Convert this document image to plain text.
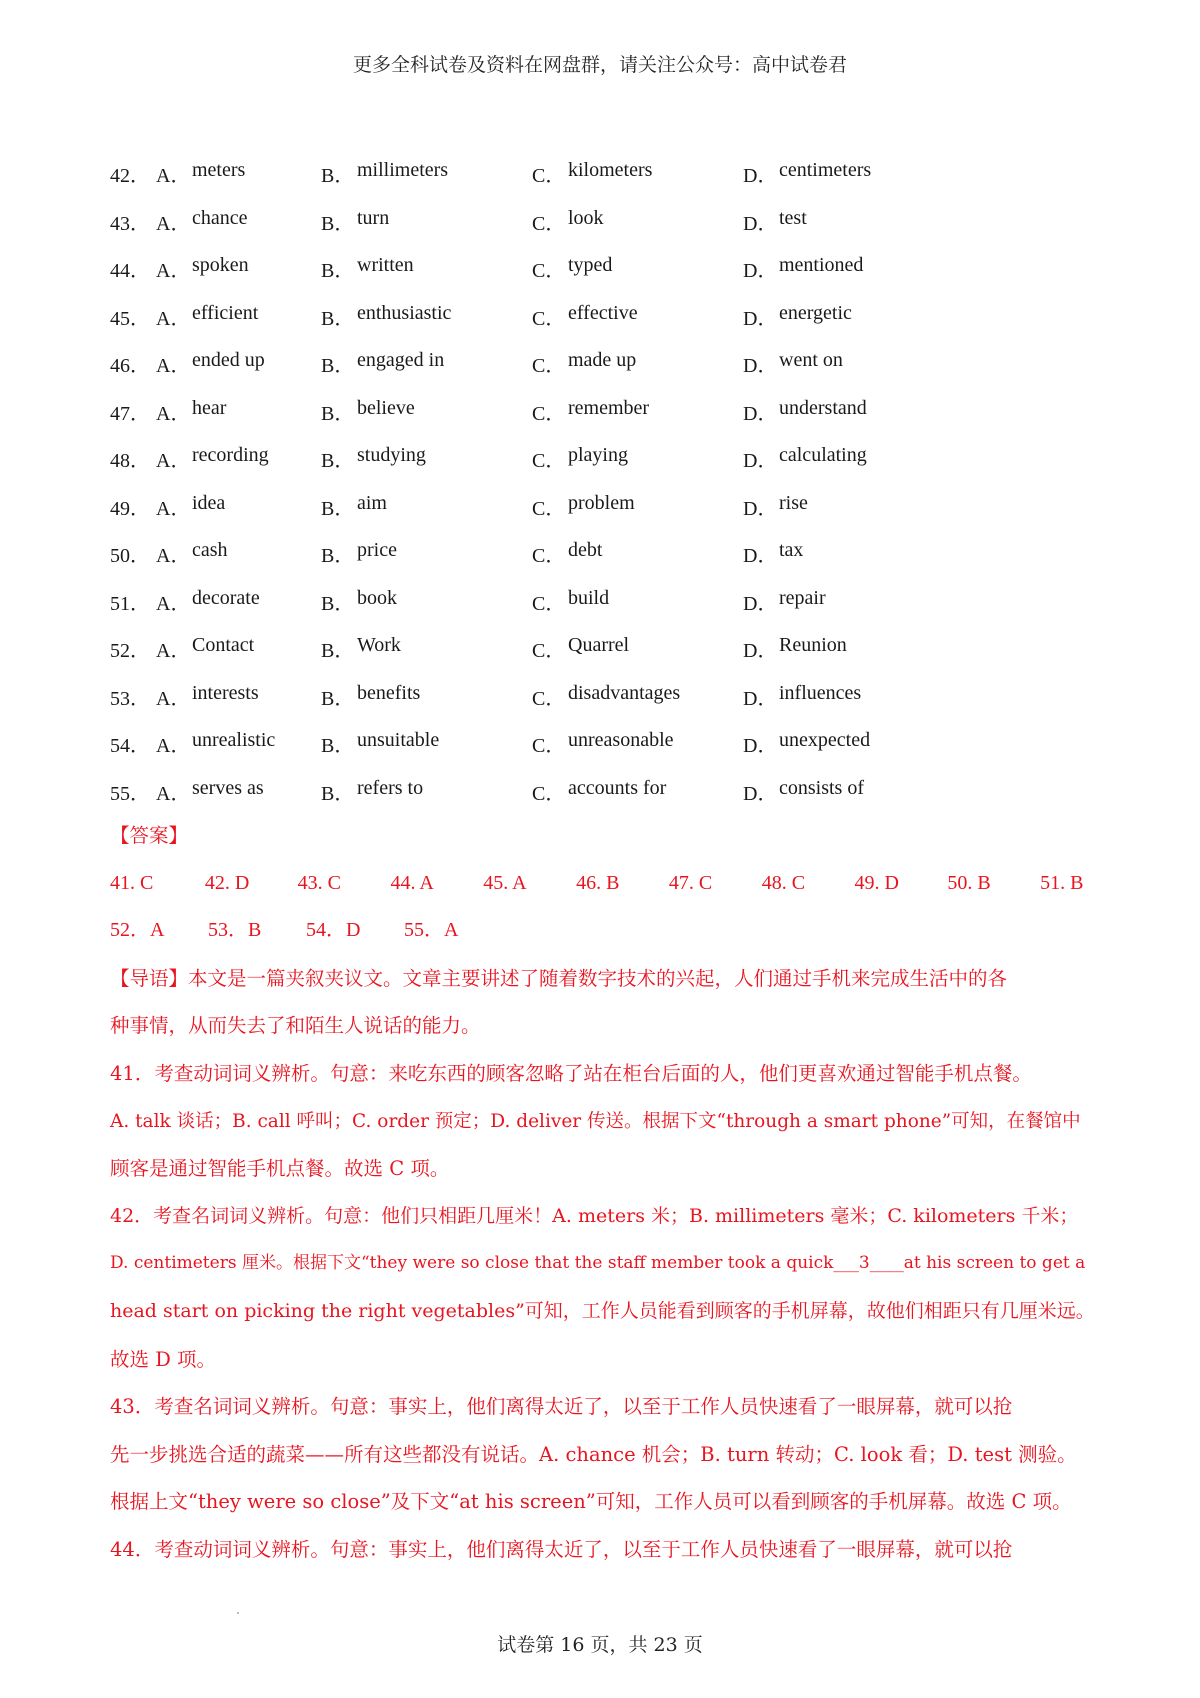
更多全科试卷及资料在网盘群，请关注公众号：高中试卷君
42． A． meters	B． millimeters	C． kilometers	D． centimeters
43． A． chance	B． turn	C． look	D． test
44． A． spoken	B． written	C． typed	D． mentioned
45． A． efficient	B． enthusiastic	C． effective	D． energetic
46． A． ended up	B． engaged in	C． made up	D． went on
47． A． hear	B． believe	C． remember	D． understand
48． A． recording	B． studying	C． playing	D． calculating
49． A． idea	B． aim	C． problem	D． rise
50． A． cash	B． price	C． debt	D． tax
51． A． decorate	B． book	C． build	D． repair
52． A． Contact	B． Work	C． Quarrel	D． Reunion
53． A． interests	B． benefits	C． disadvantages	D． influences
54． A． unrealistic B． unsuitable	C． unreasonable	D． unexpected
55． A． serves as	B． refers to	C． accounts for	D． consists of
【答案】
41. C	42. D	43. C	44. A	45. A	46. B	47. C	48. C	49. D	50. B	51. B
52．A	53．B	54．D	55．A
【导语】本文是一篇夹叙夹议文。文章主要讲述了随着数字技术的兴起，人们通过手机来完成生活中的各
种事情，从而失去了和陌生人说话的能力。
41．考查动词词义辨析。句意：来吃东西的顾客忽略了站在柜台后面的人，他们更喜欢通过智能手机点餐。
A. talk 谈话；B. call 呼叫；C. order 预定；D. deliver 传送。根据下文“through a smart phone”可知，在餐馆中
顾客是通过智能手机点餐。故选 C 项。
42．考查名词词义辨析。句意：他们只相距几厘米！A. meters 米；B. millimeters 毫米；C. kilometers 千米；
D. centimeters 厘米。根据下文“they were so close that the staff member took a quick___3____at his screen to get a
head start on picking the right vegetables”可知，工作人员能看到顾客的手机屏幕，故他们相距只有几厘米远。
故选 D 项。
43．考查名词词义辨析。句意：事实上，他们离得太近了，以至于工作人员快速看了一眼屏幕，就可以抢
先一步挑选合适的蔬菜——所有这些都没有说话。A. chance 机会；B. turn 转动；C. look 看；D. test 测验。
根据上文“they were so close”及下文“at his screen”可知，工作人员可以看到顾客的手机屏幕。故选 C 项。
44．考查动词词义辨析。句意：事实上，他们离得太近了，以至于工作人员快速看了一眼屏幕，就可以抢
试卷第 16 页，共 23 页
